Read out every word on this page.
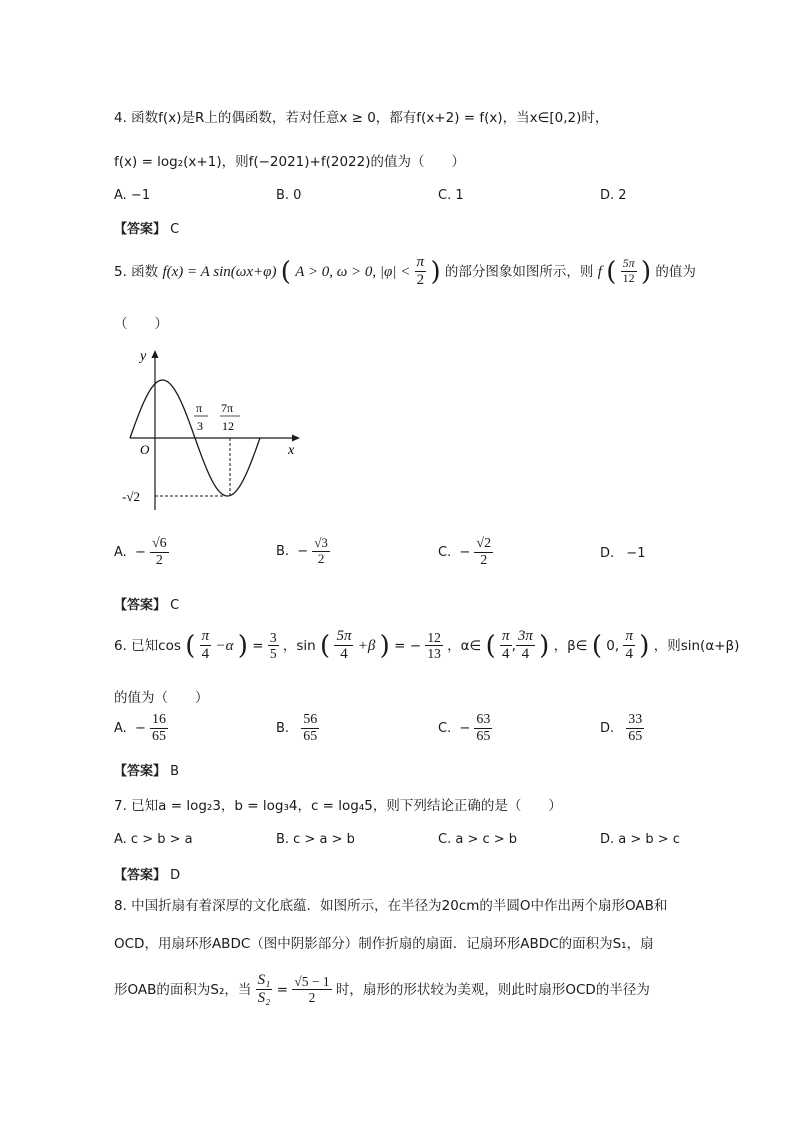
4. 函数f(x)是R上的偶函数，若对任意x ≥ 0，都有f(x+2) = f(x)，当x∈[0,2)时，
f(x) = log₂(x+1)，则f(−2021)+f(2022)的值为（　　）
A. −1	B. 0	C. 1	D. 2
【答案】 C
5. 函数 f(x) = A sin(ωx+φ) ( A > 0, ω > 0, $|\varphi| < \frac{\pi}{2}$ ) 的部分图象如图所示，则 f ( $\frac{5\pi}{12}$ ) 的值为
（　　）
y
x
O
π
3
7π
12
-√2
A. − $\frac{√6}{2}$	B. − $\frac{√3}{2}$	C. − $\frac{√2}{2}$	D. −1
【答案】 C
6. 已知cos ( $\frac{\pi}{4} -\alpha$ ) = $\frac{3}{5}$ ，sin ( $\frac{5\pi}{4} +\beta$ ) = − $\frac{12}{13}$ ，α∈ ( $\frac{\pi}{4}$ , $\frac{3\pi}{4}$ ) ，β∈ ( 0, $\frac{\pi}{4}$ ) ，则sin(α+β)
的值为（　　）
A. − $\frac{16}{65}$	B. $\frac{56}{65}$	C. − $\frac{63}{65}$	D. $\frac{33}{65}$
【答案】 B
7. 已知a = log₂3，b = log₃4，c = log₄5，则下列结论正确的是（　　）
A. c > b > a	B. c > a > b	C. a > c > b	D. a > b > c
【答案】 D
8. 中国折扇有着深厚的文化底蕴．如图所示，在半径为20cm的半圆O中作出两个扇形OAB和
OCD，用扇环形ABDC（图中阴影部分）制作折扇的扇面．记扇环形ABDC的面积为S₁，扇
形OAB的面积为S₂，当 $\frac{\text{S₁}}{\text{S₂}} = \frac{√5 - 1}{2}$ 时，扇形的形状较为美观，则此时扇形OCD的半径为
